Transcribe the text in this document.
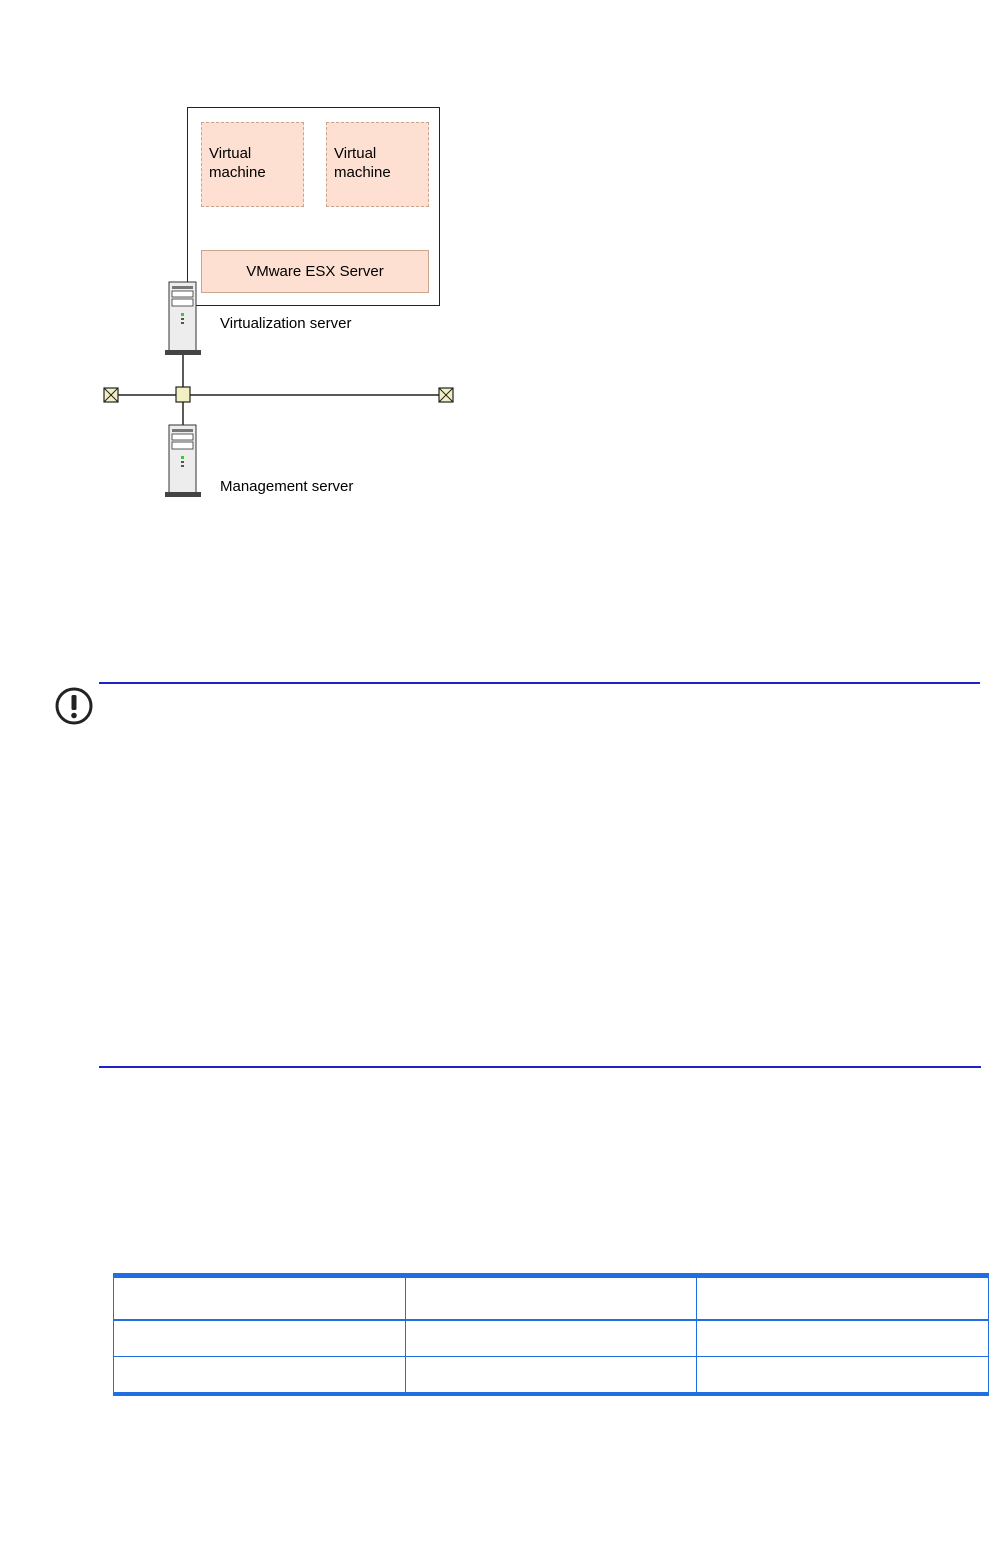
Virtual
machine

Virtual
machine

VMware ESX Server
Virtualization server
Management server
